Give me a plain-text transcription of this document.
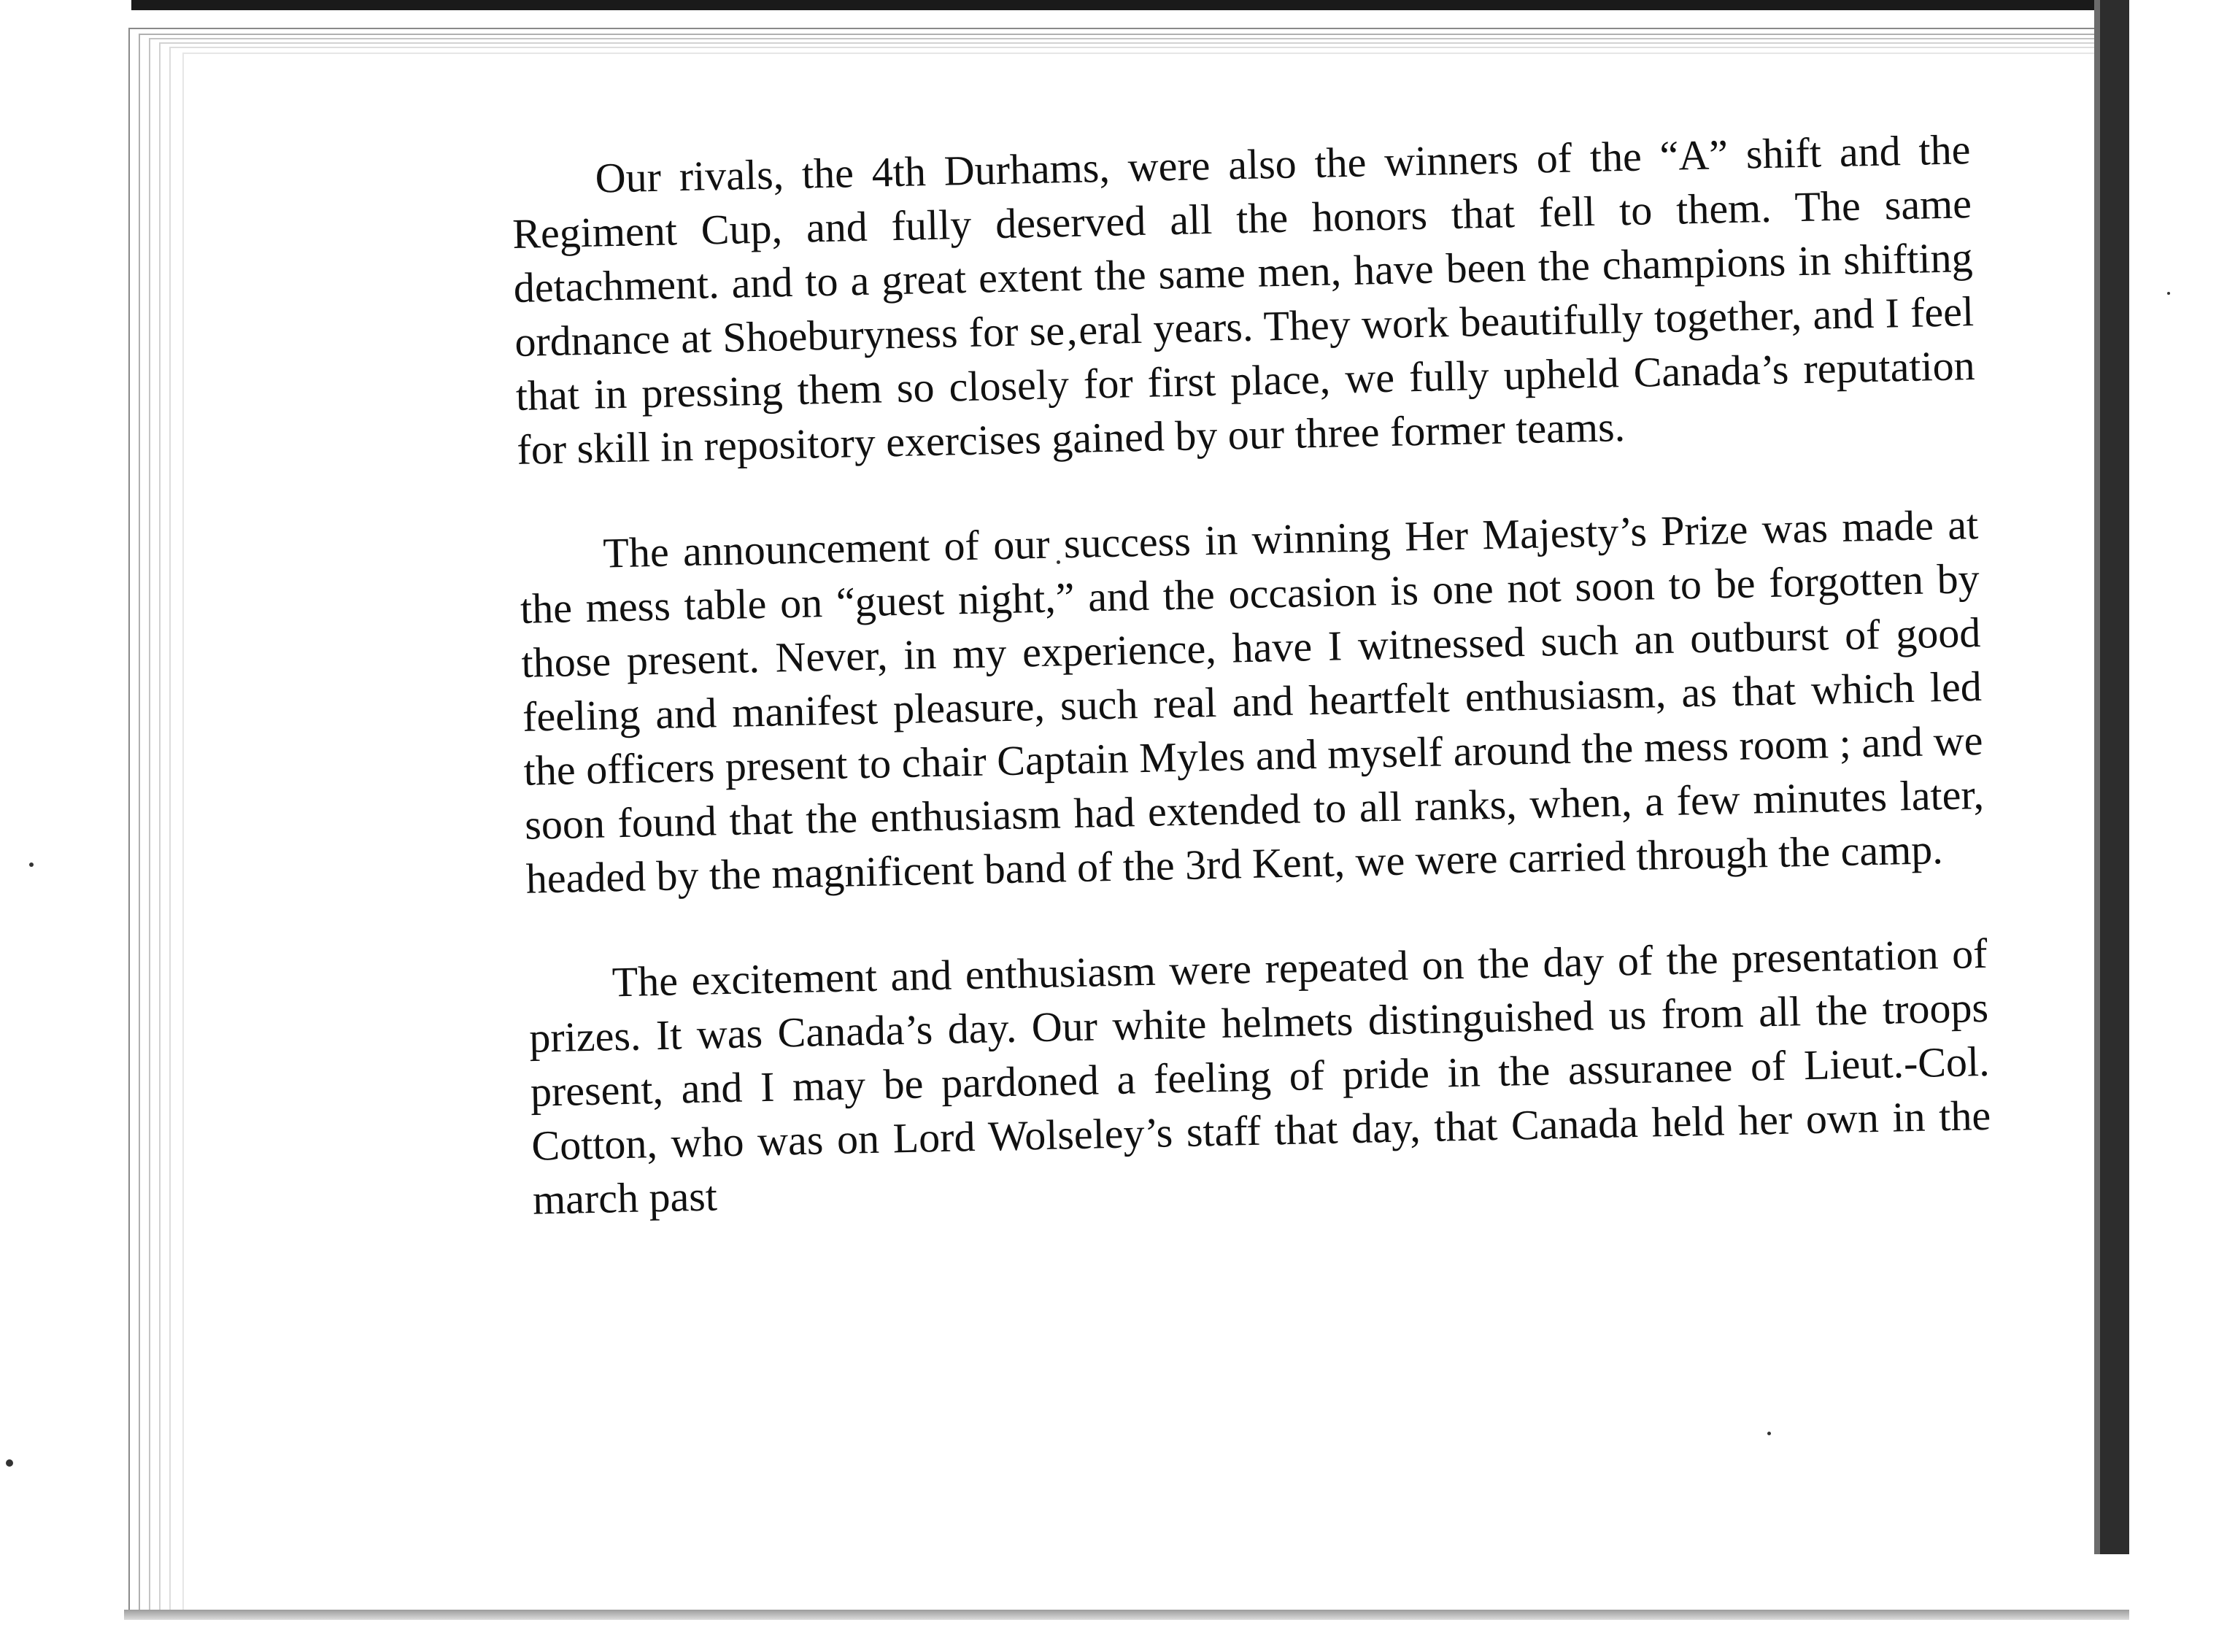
Our rivals, the 4th Durhams, were also the winners of the “A” shift and the Regiment Cup, and fully deserved all the honors that fell to them. The same detachment. and to a great extent the same men, have been the champions in shifting ordnance at Shoeburyness for se‚eral years. They work beautifully together, and I feel that in pressing them so closely for first place, we fully upheld Canada’s reputation for skill in repository exercises gained by our three former teams.

The announcement of our success in winning Her Majesty’s Prize was made at the mess table on “guest night,” and the occasion is one not soon to be forgotten by those present. Never, in my experience, have I witnessed such an outburst of good feeling and manifest pleasure, such real and heartfelt enthusiasm, as that which led the officers present to chair Captain Myles and myself around the mess room ; and we soon found that the enthusiasm had extended to all ranks, when, a few minutes later, headed by the magnificent band of the 3rd Kent, we were carried through the camp.

The excitement and enthusiasm were repeated on the day of the presentation of prizes. It was Canada’s day. Our white helmets distinguished us from all the troops present, and I may be pardoned a feeling of pride in the assuranee of Lieut.-Col. Cotton, who was on Lord Wolseley’s staff that day, that Canada held her own in the march past
